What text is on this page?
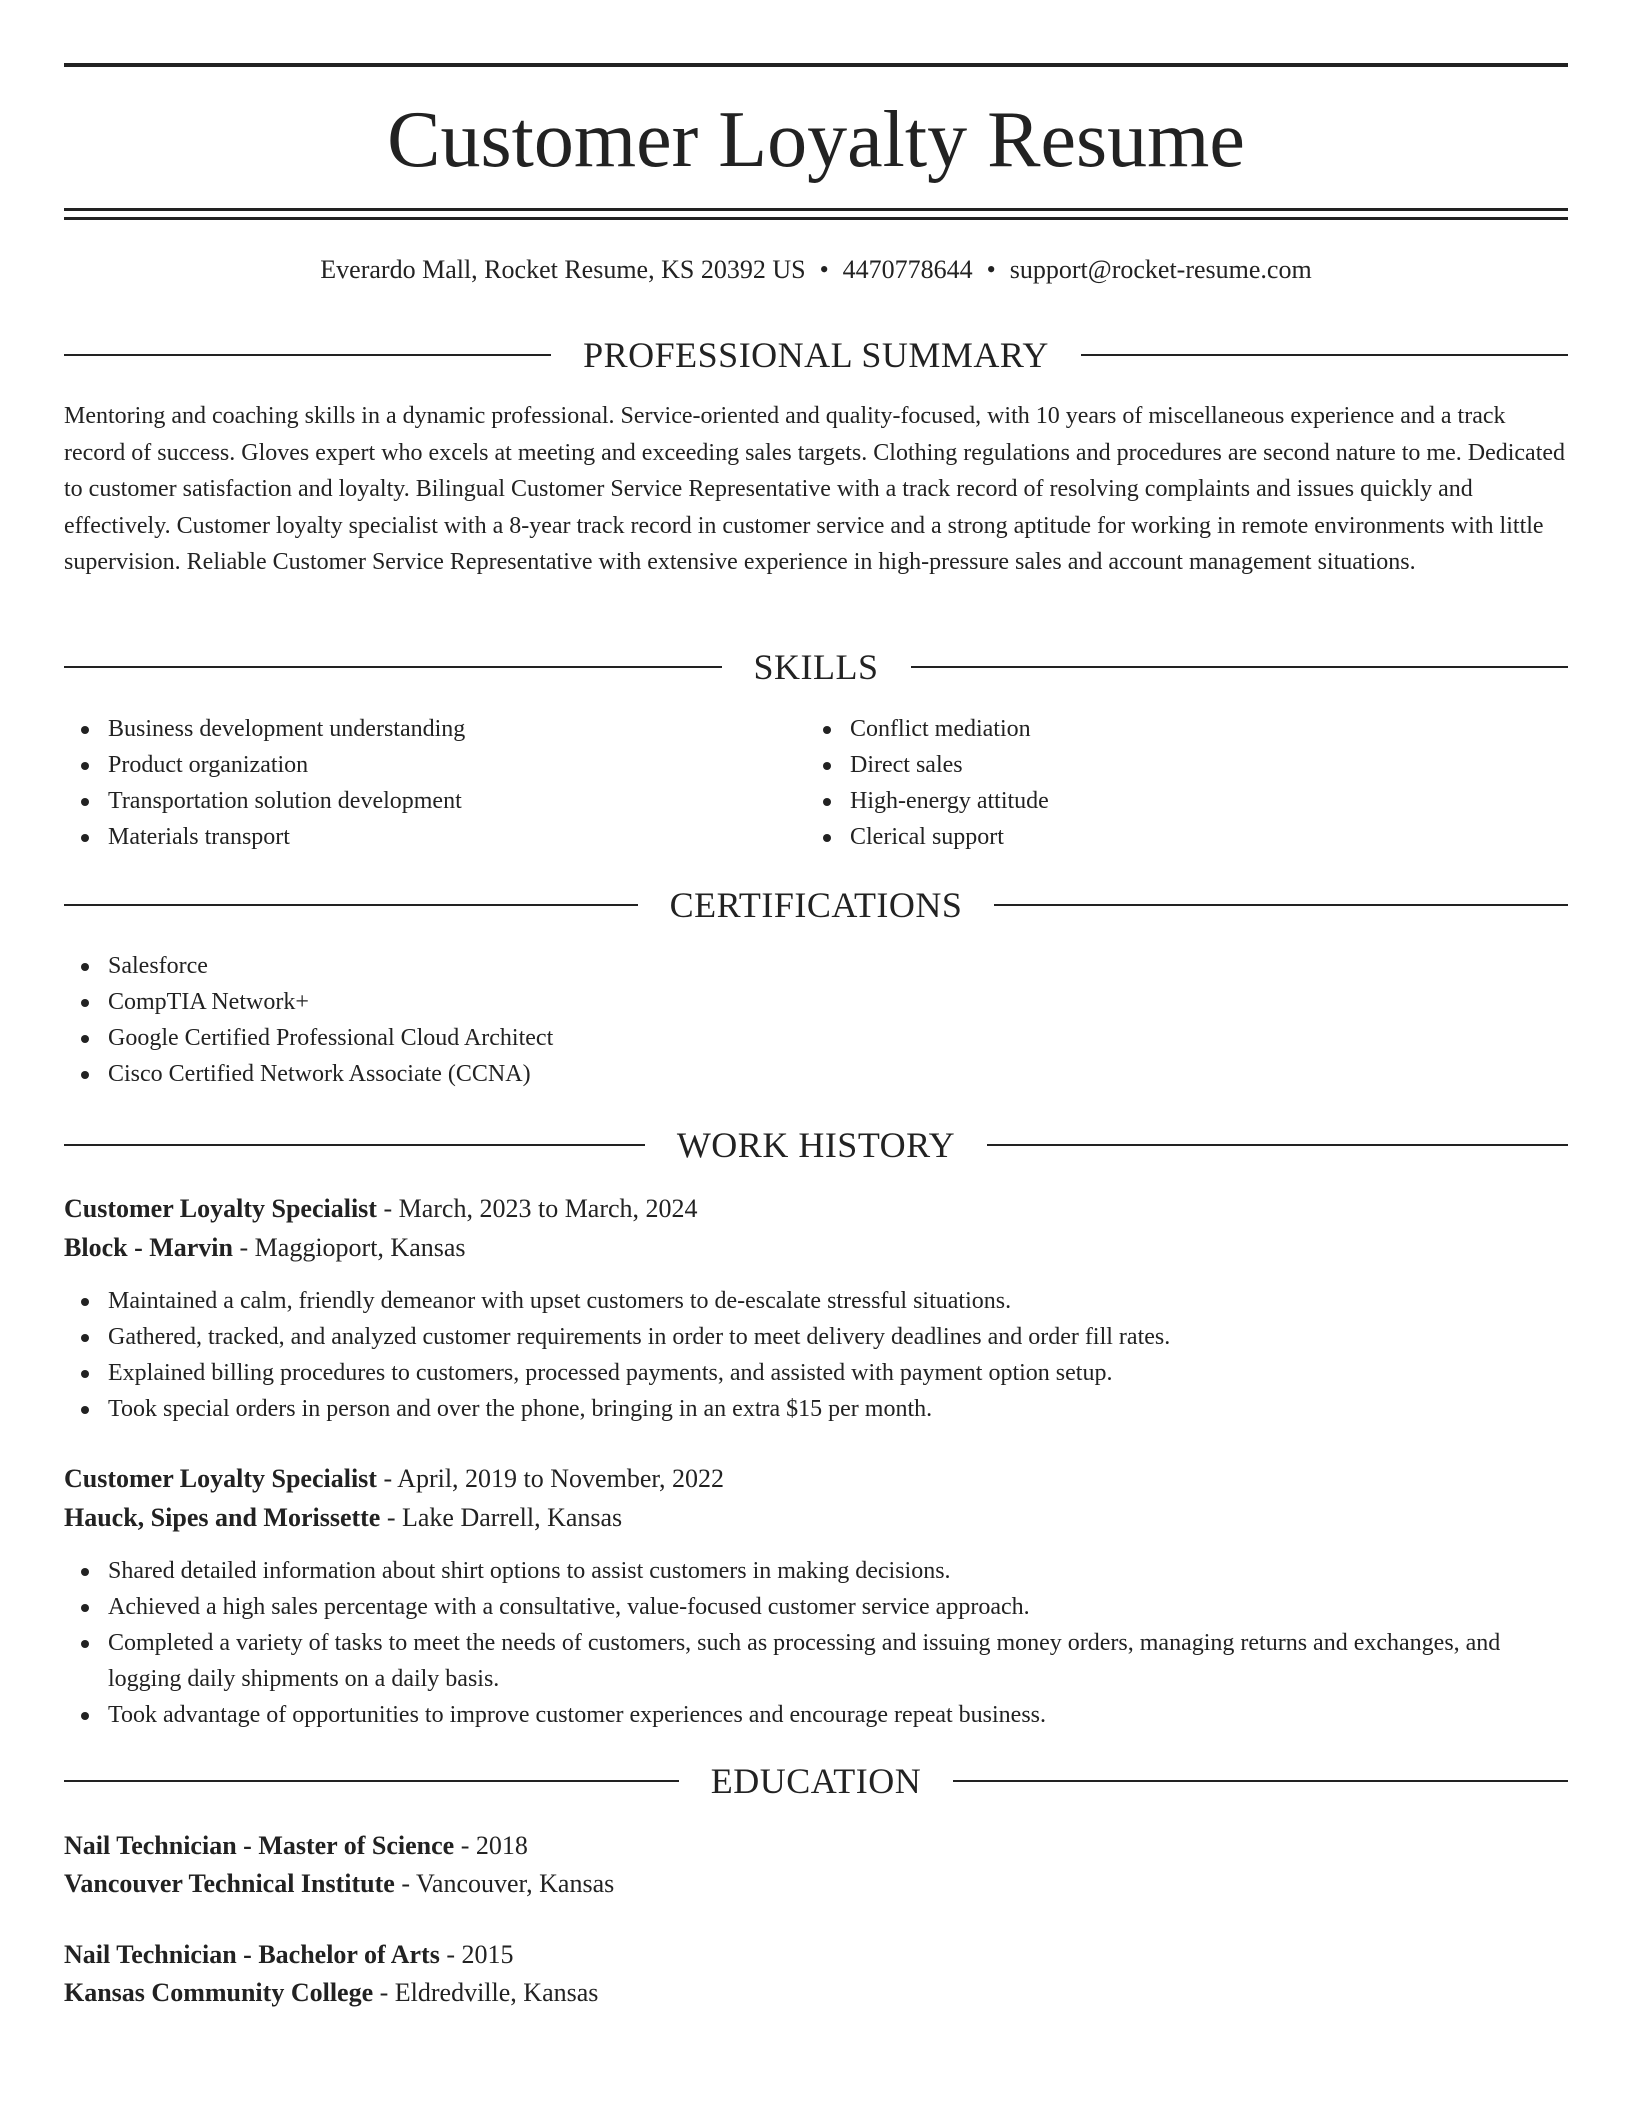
Customer Loyalty Resume
Everardo Mall, Rocket Resume, KS 20392 US • 4470778644 • support@rocket-resume.com
PROFESSIONAL SUMMARY

Mentoring and coaching skills in a dynamic professional. Service-oriented and quality-focused, with 10 years of miscellaneous experience and a track record of success. Gloves expert who excels at meeting and exceeding sales targets. Clothing regulations and procedures are second nature to me. Dedicated to customer satisfaction and loyalty. Bilingual Customer Service Representative with a track record of resolving complaints and issues quickly and effectively. Customer loyalty specialist with a 8-year track record in customer service and a strong aptitude for working in remote environments with little supervision. Reliable Customer Service Representative with extensive experience in high-pressure sales and account management situations.

SKILLS
Business development understanding
Product organization
Transportation solution development
Materials transport
Conflict mediation
Direct sales
High-energy attitude
Clerical support
CERTIFICATIONS
Salesforce
CompTIA Network+
Google Certified Professional Cloud Architect
Cisco Certified Network Associate (CCNA)
WORK HISTORY
Customer Loyalty Specialist - March, 2023 to March, 2024
Block - Marvin - Maggioport, Kansas
Maintained a calm, friendly demeanor with upset customers to de-escalate stressful situations.
Gathered, tracked, and analyzed customer requirements in order to meet delivery deadlines and order fill rates.
Explained billing procedures to customers, processed payments, and assisted with payment option setup.
Took special orders in person and over the phone, bringing in an extra $15 per month.
Customer Loyalty Specialist - April, 2019 to November, 2022
Hauck, Sipes and Morissette - Lake Darrell, Kansas
Shared detailed information about shirt options to assist customers in making decisions.
Achieved a high sales percentage with a consultative, value-focused customer service approach.
Completed a variety of tasks to meet the needs of customers, such as processing and issuing money orders, managing returns and exchanges, and logging daily shipments on a daily basis.
Took advantage of opportunities to improve customer experiences and encourage repeat business.
EDUCATION
Nail Technician - Master of Science - 2018
Vancouver Technical Institute - Vancouver, Kansas
Nail Technician - Bachelor of Arts - 2015
Kansas Community College - Eldredville, Kansas
